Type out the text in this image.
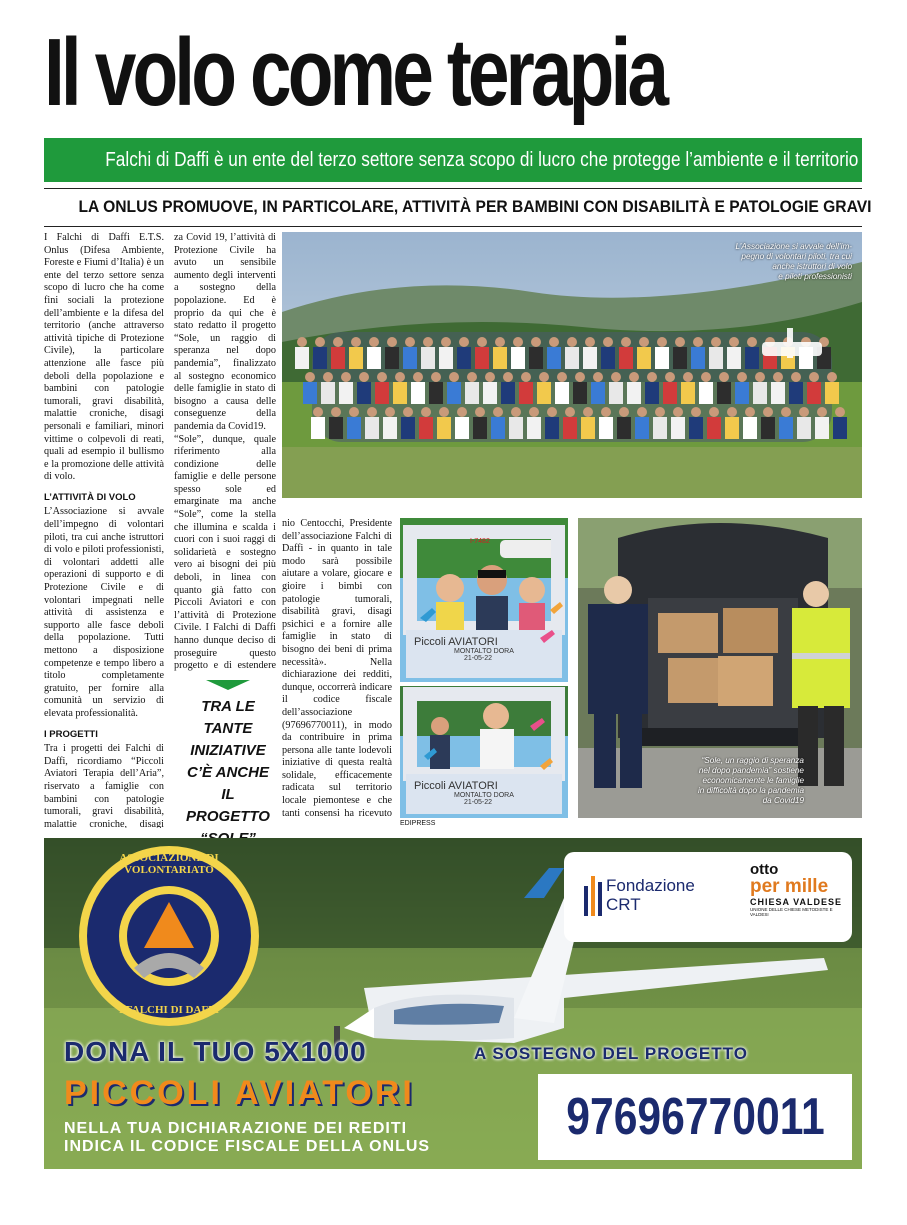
Il volo come terapia
Falchi di Daffi è un ente del terzo settore senza scopo di lucro che protegge l’ambiente e il territorio
LA ONLUS PROMUOVE, IN PARTICOLARE, ATTIVITÀ PER BAMBINI CON DISABILITÀ E PATOLOGIE GRAVI

I Falchi di Daffi E.T.S. Onlus (Difesa Ambiente, Foreste e Fiumi d’Italia) è un ente del terzo settore senza scopo di lucro che ha come fini sociali la protezione dell’ambiente e la difesa del territorio (anche attraverso attività tipiche di Protezione Civile), la particolare attenzione alle fasce più deboli della popolazione e bambini con patologie tumorali, gravi disabilità, malattie croniche, disagi personali e familiari, minori vittime o colpevoli di reati, quali ad esempio il bullismo e la promozione delle attività di volo.

L’ATTIVITÀ DI VOLO

L’Associazione si avvale dell’impegno di volontari piloti, tra cui anche istruttori di volo e piloti professionisti, di volontari addetti alle operazioni di supporto e di Protezione Civile e di volontari impegnati nelle attività di assistenza e supporto alle fasce deboli della popolazione. Tutti mettono a disposizione competenze e tempo libero a titolo completamente gratuito, per fornire alla comunità un servizio di elevata professionalità.

I PROGETTI

Tra i progetti dei Falchi di Daffi, ricordiamo “Piccoli Aviatori Terapia dell’Aria”, riservato a famiglie con bambini con patologie tumorali, gravi disabilità, malattie croniche, disagi

za Covid 19, l’attività di Protezione Civile ha avuto un sensibile aumento degli interventi a sostegno della popolazione. Ed è proprio da qui che è stato redatto il progetto “Sole, un raggio di speranza nel dopo pandemia”, finalizzato al sostegno economico delle famiglie in stato di bisogno a causa delle conseguenze della pandemia da Covid19.

“Sole”, dunque, quale riferimento alla condizione delle famiglie e delle persone spesso sole ed emarginate ma anche “Sole”, come la stella che illumina e scalda i cuori con i suoi raggi di solidarietà e sostegno vero ai bisogni dei più deboli, in linea con quanto già fatto con Piccoli Aviatori e con l’attività di Protezione Civile. I Falchi di Daffi hanno dunque deciso di proseguire questo progetto e di estendere

TRA LE TANTE
INIZIATIVE
C’È ANCHE
IL PROGETTO

nio Centocchi, Presidente dell’associazione Falchi di Daffi - in quanto in tale modo sarà possibile aiutare a volare, giocare e gioire i bimbi con patologie tumorali, disabilità gravi, disagi psichici e a fornire alle famiglie in stato di bisogno dei beni di prima necessità». Nella dichiarazione dei redditi, dunque, occorrerà indicare il codice fiscale dell’associazione (97696770011), in modo da contribuire in prima persona alle tante lodevoli iniziative di questa realtà solidale, efficacemente radicata sul territorio locale piemontese e che tanti consensi ha ricevuto

L’Associazione si avvale dell’im-
pegno di volontari piloti, tra cui
anche istruttori di volo
e piloti professionisti
I-7482
Piccoli AVIATORI
MONTALTO DORA
21-05-22
Piccoli AVIATORI
MONTALTO DORA
21-05-22
“Sole, un raggio di speranza
nel dopo pandemia” sostiene
economicamente le famiglie
in difficoltà dopo la pandemia
da Covid19
EDIPRESS
ASSOCIAZIONE DI VOLONTARIATO
I FALCHI DI DAFFI
Fondazione
CRT
otto
per mille
CHIESA VALDESE
UNIONE DELLE CHIESE METODISTE E VALDESI
DONA IL TUO 5X1000	A SOSTEGNO DEL PROGETTO
PICCOLI AVIATORI
NELLA TUA DICHIARAZIONE DEI REDITI
INDICA IL CODICE FISCALE DELLA ONLUS
97696770011
